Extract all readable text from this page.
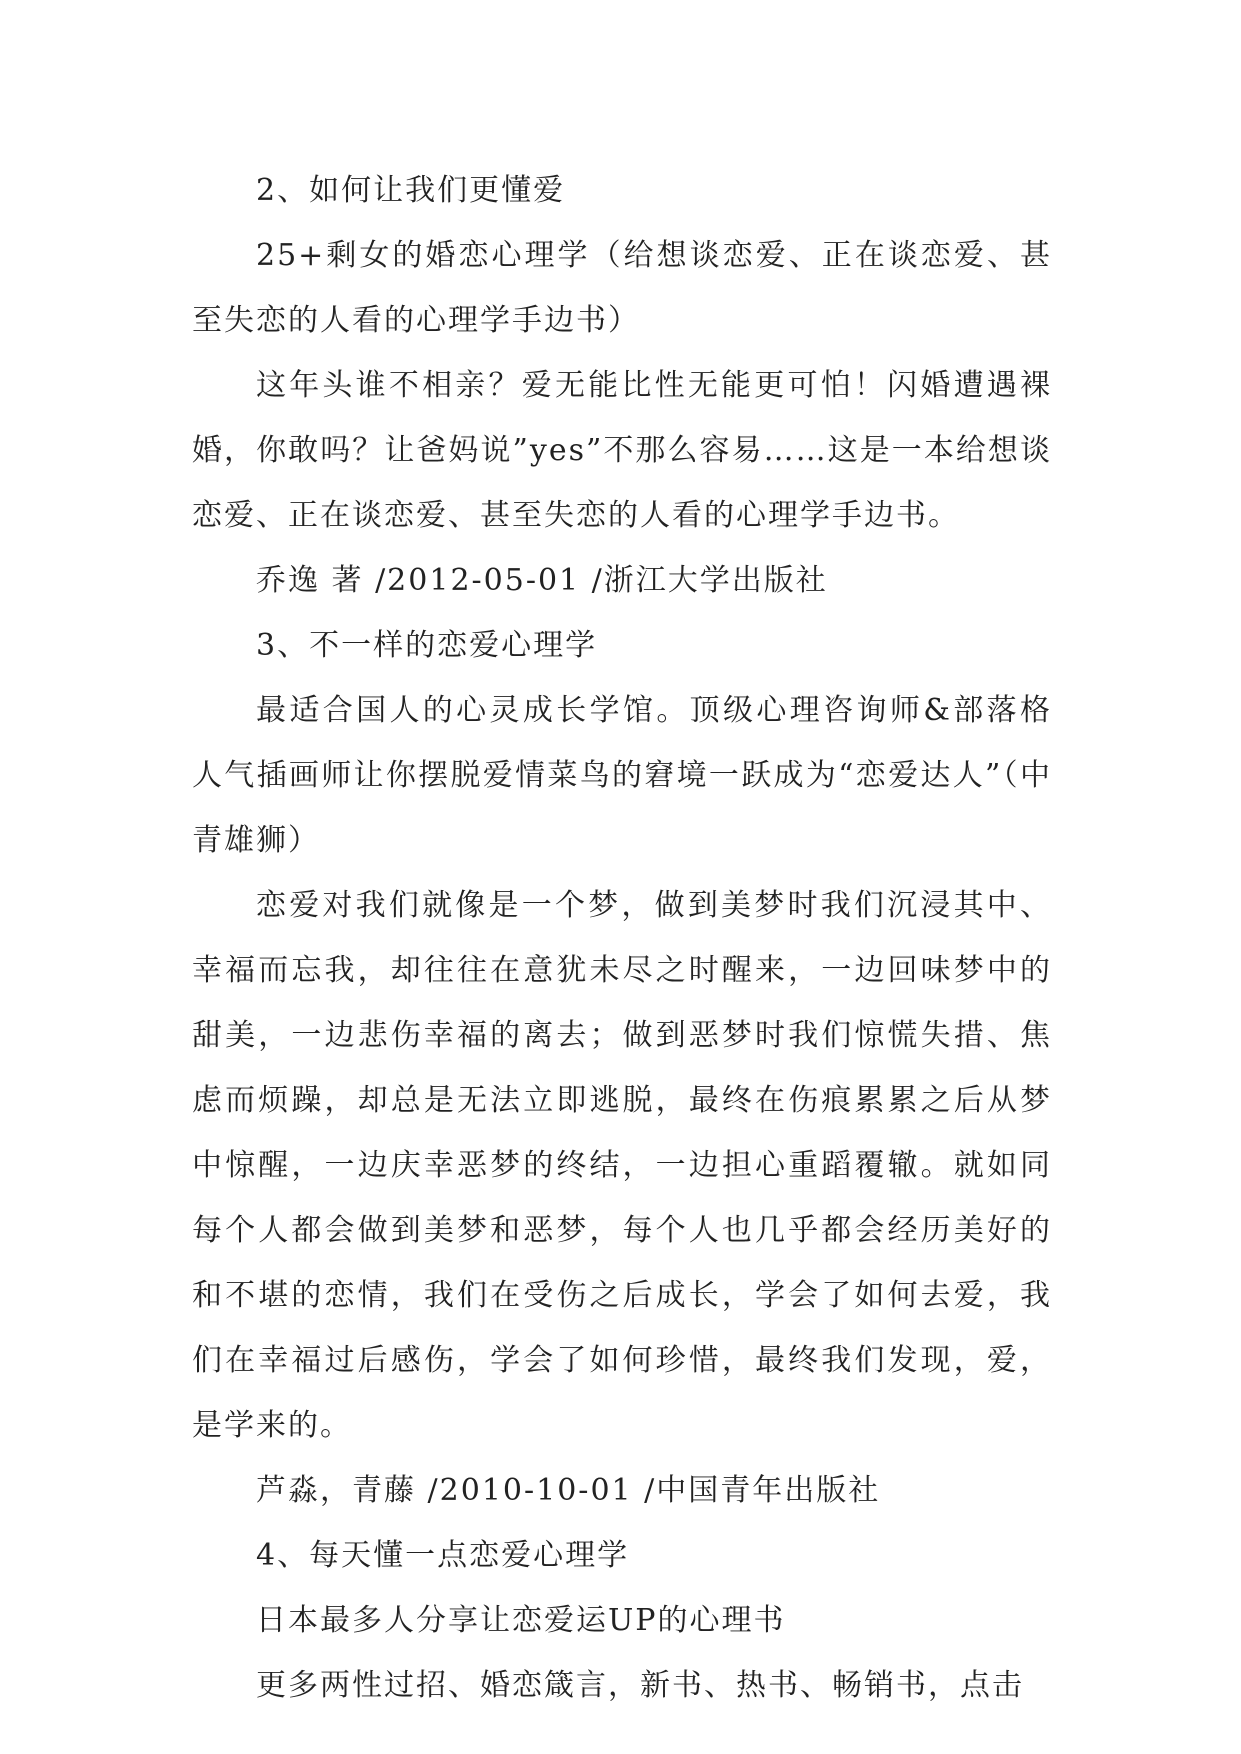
2、如何让我们更懂爱

25+剩女的婚恋心理学（给想谈恋爱、正在谈恋爱、甚至失恋的人看的心理学手边书）

这年头谁不相亲？爱无能比性无能更可怕！闪婚遭遇裸婚，你敢吗？让爸妈说”yes”不那么容易……这是一本给想谈恋爱、正在谈恋爱、甚至失恋的人看的心理学手边书。

乔逸 著 /2012-05-01 /浙江大学出版社

3、不一样的恋爱心理学

最适合国人的心灵成长学馆。顶级心理咨询师&部落格人气插画师让你摆脱爱情菜鸟的窘境一跃成为“恋爱达人”（中青雄狮）

恋爱对我们就像是一个梦，做到美梦时我们沉浸其中、幸福而忘我，却往往在意犹未尽之时醒来，一边回味梦中的甜美，一边悲伤幸福的离去；做到恶梦时我们惊慌失措、焦虑而烦躁，却总是无法立即逃脱，最终在伤痕累累之后从梦中惊醒，一边庆幸恶梦的终结，一边担心重蹈覆辙。就如同每个人都会做到美梦和恶梦，每个人也几乎都会经历美好的和不堪的恋情，我们在受伤之后成长，学会了如何去爱，我们在幸福过后感伤，学会了如何珍惜，最终我们发现，爱，是学来的。

芦淼，青藤 /2010-10-01 /中国青年出版社

4、每天懂一点恋爱心理学

日本最多人分享让恋爱运UP的心理书

更多两性过招、婚恋箴言，新书、热书、畅销书，点击
